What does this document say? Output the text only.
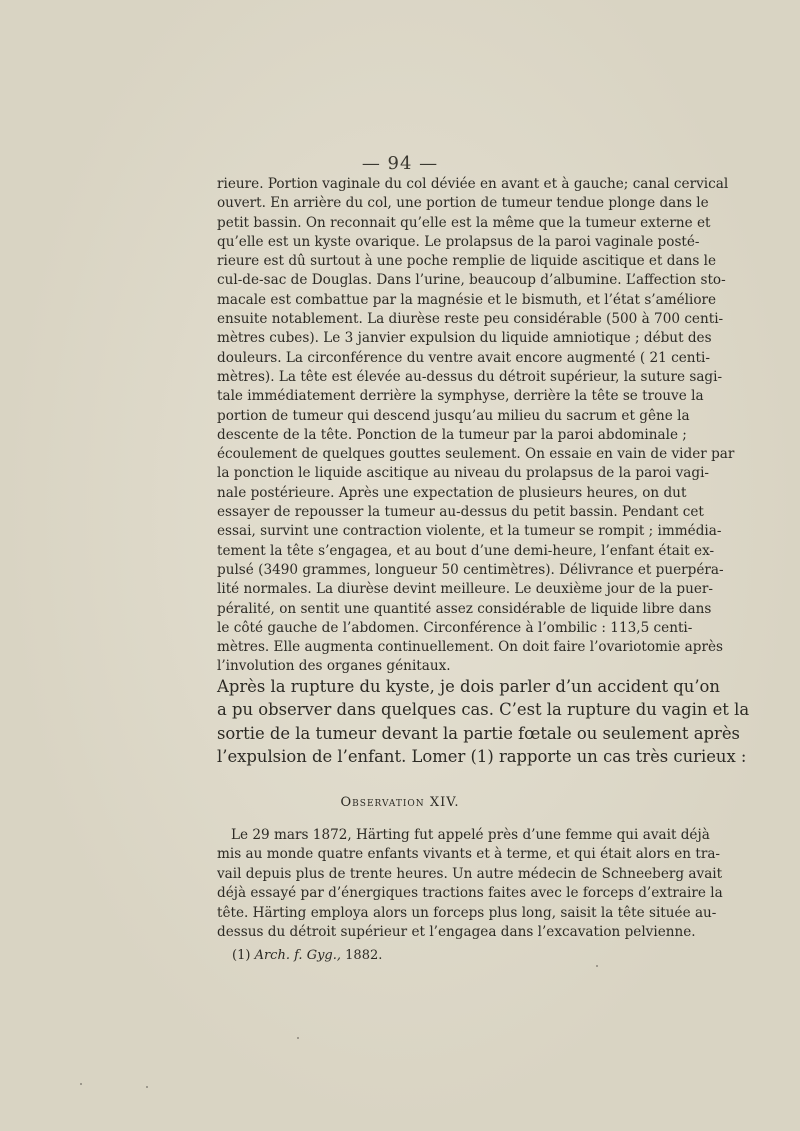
— 94 —
rieure. Portion vaginale du col déviée en avant et à gauche; canal cervical
ouvert. En arrière du col, une portion de tumeur tendue plonge dans le
petit bassin. On reconnait qu’elle est la même que la tumeur externe et
qu’elle est un kyste ovarique. Le prolapsus de la paroi vaginale posté-
rieure est dû surtout à une poche remplie de liquide ascitique et dans le
cul-de-sac de Douglas. Dans l’urine, beaucoup d’albumine. L’affection sto-
macale est combattue par la magnésie et le bismuth, et l’état s’améliore
ensuite notablement. La diurèse reste peu considérable (500 à 700 centi-
mètres cubes). Le 3 janvier expulsion du liquide amniotique ; début des
douleurs. La circonférence du ventre avait encore augmenté ( 21 centi-
mètres). La tête est élevée au-dessus du détroit supérieur, la suture sagi-
tale immédiatement derrière la symphyse, derrière la tête se trouve la
portion de tumeur qui descend jusqu’au milieu du sacrum et gêne la
descente de la tête. Ponction de la tumeur par la paroi abdominale ;
écoulement de quelques gouttes seulement. On essaie en vain de vider par
la ponction le liquide ascitique au niveau du prolapsus de la paroi vagi-
nale postérieure. Après une expectation de plusieurs heures, on dut
essayer de repousser la tumeur au-dessus du petit bassin. Pendant cet
essai, survint une contraction violente, et la tumeur se rompit ; immédia-
tement la tête s’engagea, et au bout d’une demi-heure, l’enfant était ex-
pulsé (3490 grammes, longueur 50 centimètres). Délivrance et puerpéra-
lité normales. La diurèse devint meilleure. Le deuxième jour de la puer-
péralité, on sentit une quantité assez considérable de liquide libre dans
le côté gauche de l’abdomen. Circonférence à l’ombilic : 113,5 centi-
mètres. Elle augmenta continuellement. On doit faire l’ovariotomie après
l’involution des organes génitaux.
Après la rupture du kyste, je dois parler d’un accident qu’on
a pu observer dans quelques cas. C’est la rupture du vagin et la
sortie de la tumeur devant la partie fœtale ou seulement après
l’expulsion de l’enfant. Lomer (1) rapporte un cas très curieux :
Observation XIV.
Le 29 mars 1872, Härting fut appelé près d’une femme qui avait déjà
mis au monde quatre enfants vivants et à terme, et qui était alors en tra-
vail depuis plus de trente heures. Un autre médecin de Schneeberg avait
déjà essayé par d’énergiques tractions faites avec le forceps d’extraire la
tête. Härting employa alors un forceps plus long, saisit la tête située au-
dessus du détroit supérieur et l’engagea dans l’excavation pelvienne.
(1) Arch. f. Gyg., 1882.
